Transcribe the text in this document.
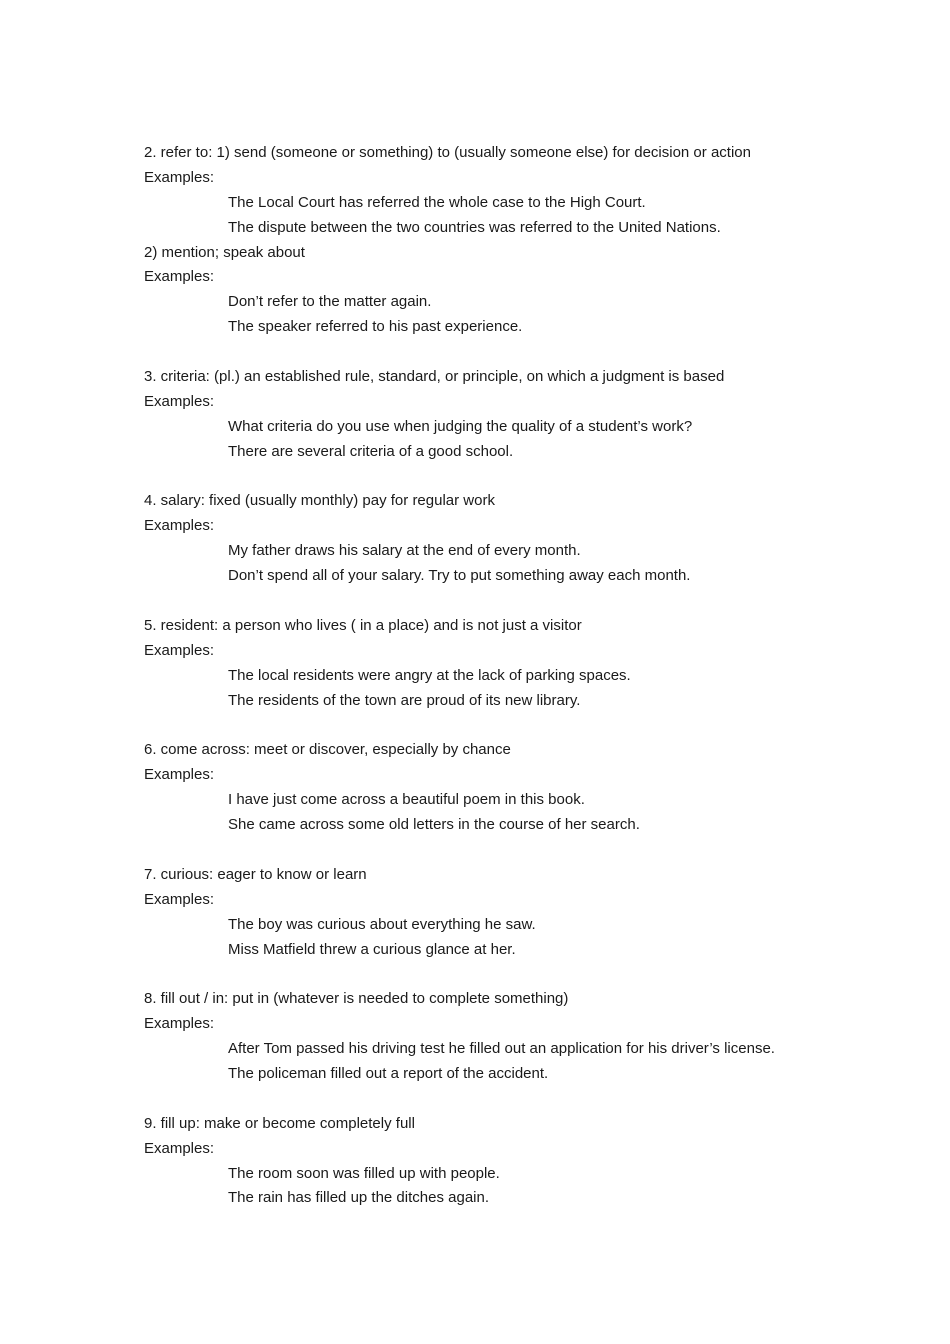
2. refer to: 1) send (someone or something) to (usually someone else) for decision or action
Examples:
The Local Court has referred the whole case to the High Court.
The dispute between the two countries was referred to the United Nations.
2) mention; speak about
Examples:
Don’t refer to the matter again.
The speaker referred to his past experience.
3. criteria: (pl.) an established rule, standard, or principle, on which a judgment is based
Examples:
What criteria do you use when judging the quality of a student’s work?
There are several criteria of a good school.
4. salary: fixed (usually monthly) pay for regular work
Examples:
My father draws his salary at the end of every month.
Don’t spend all of your salary. Try to put something away each month.
5. resident: a person who lives ( in a place) and is not just a visitor
Examples:
The local residents were angry at the lack of parking spaces.
The residents of the town are proud of its new library.
6. come across: meet or discover, especially by chance
Examples:
I have just come across a beautiful poem in this book.
She came across some old letters in the course of her search.
7. curious: eager to know or learn
Examples:
The boy was curious about everything he saw.
Miss Matfield threw a curious glance at her.
8. fill out / in: put in (whatever is needed to complete something)
Examples:
After Tom passed his driving test he filled out an application for his driver’s license.
The policeman filled out a report of the accident.
9. fill up: make or become completely full
Examples:
The room soon was filled up with people.
The rain has filled up the ditches again.
